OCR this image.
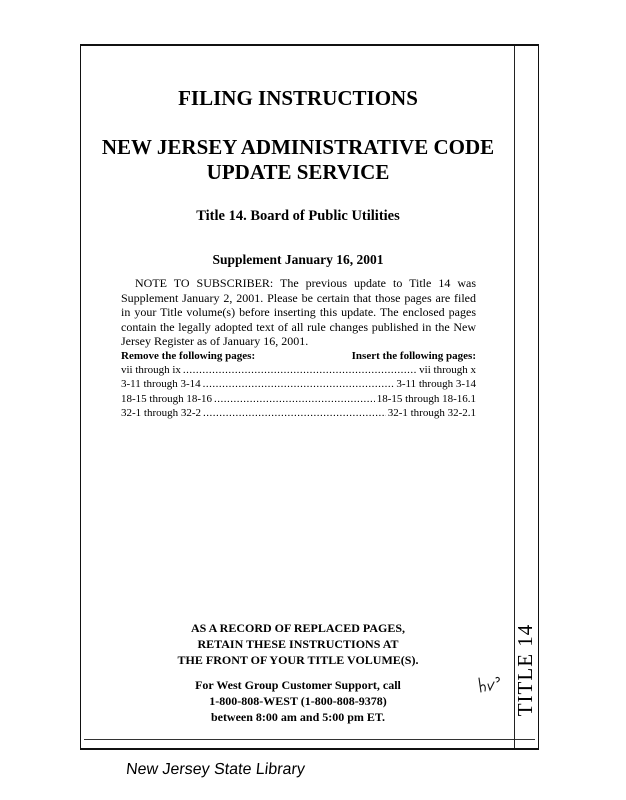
TITLE 14
FILING INSTRUCTIONS
NEW JERSEY ADMINISTRATIVE CODE
UPDATE SERVICE
Title 14. Board of Public Utilities
Supplement January 16, 2001
NOTE TO SUBSCRIBER: The previous update to Title 14 was Supplement January 2, 2001. Please be certain that those pages are filed in your Title volume(s) before inserting this update. The enclosed pages contain the legally adopted text of all rule changes published in the New Jersey Register as of January 16, 2001.
Remove the following pages:	Insert the following pages:
vii through ix .....	vii through x
3-11 through 3-14 .....	3-11 through 3-14
18-15 through 18-16 .....	18-15 through 18-16.1
32-1 through 32-2 .....	32-1 through 32-2.1
AS A RECORD OF REPLACED PAGES,
RETAIN THESE INSTRUCTIONS AT
THE FRONT OF YOUR TITLE VOLUME(S).
For West Group Customer Support, call
1-800-808-WEST (1-800-808-9378)
between 8:00 am and 5:00 pm ET.
New Jersey State Library
